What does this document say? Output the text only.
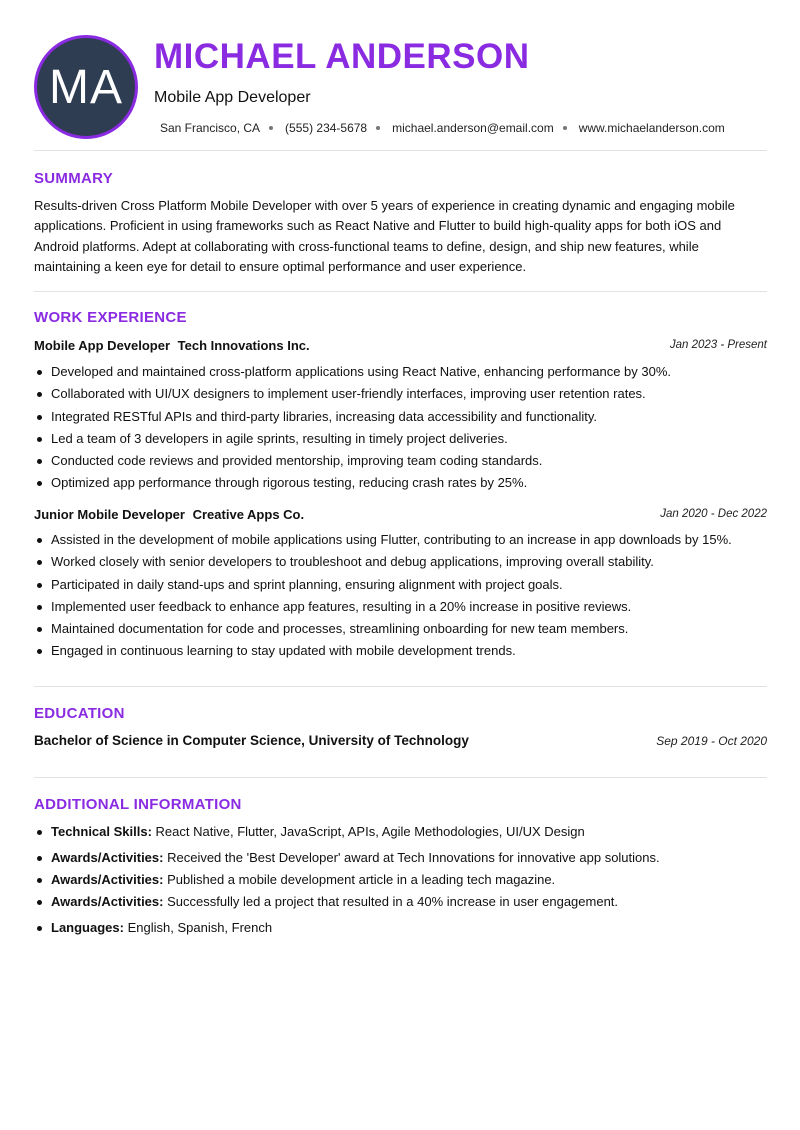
MA
MICHAEL ANDERSON
Mobile App Developer
San Francisco, CA (555) 234-5678 michael.anderson@email.com www.michaelanderson.com
SUMMARY
Results-driven Cross Platform Mobile Developer with over 5 years of experience in creating dynamic and engaging mobile applications. Proficient in using frameworks such as React Native and Flutter to build high-quality apps for both iOS and Android platforms. Adept at collaborating with cross-functional teams to define, design, and ship new features, while maintaining a keen eye for detail to ensure optimal performance and user experience.
WORK EXPERIENCE
Mobile App Developer Tech Innovations Inc.	Jan 2023 - Present
Developed and maintained cross-platform applications using React Native, enhancing performance by 30%.
Collaborated with UI/UX designers to implement user-friendly interfaces, improving user retention rates.
Integrated RESTful APIs and third-party libraries, increasing data accessibility and functionality.
Led a team of 3 developers in agile sprints, resulting in timely project deliveries.
Conducted code reviews and provided mentorship, improving team coding standards.
Optimized app performance through rigorous testing, reducing crash rates by 25%.
Junior Mobile Developer Creative Apps Co.	Jan 2020 - Dec 2022
Assisted in the development of mobile applications using Flutter, contributing to an increase in app downloads by 15%.
Worked closely with senior developers to troubleshoot and debug applications, improving overall stability.
Participated in daily stand-ups and sprint planning, ensuring alignment with project goals.
Implemented user feedback to enhance app features, resulting in a 20% increase in positive reviews.
Maintained documentation for code and processes, streamlining onboarding for new team members.
Engaged in continuous learning to stay updated with mobile development trends.
EDUCATION
Bachelor of Science in Computer Science, University of Technology	Sep 2019 - Oct 2020
ADDITIONAL INFORMATION
Technical Skills: React Native, Flutter, JavaScript, APIs, Agile Methodologies, UI/UX Design
Awards/Activities: Received the 'Best Developer' award at Tech Innovations for innovative app solutions.
Awards/Activities: Published a mobile development article in a leading tech magazine.
Awards/Activities: Successfully led a project that resulted in a 40% increase in user engagement.
Languages: English, Spanish, French
